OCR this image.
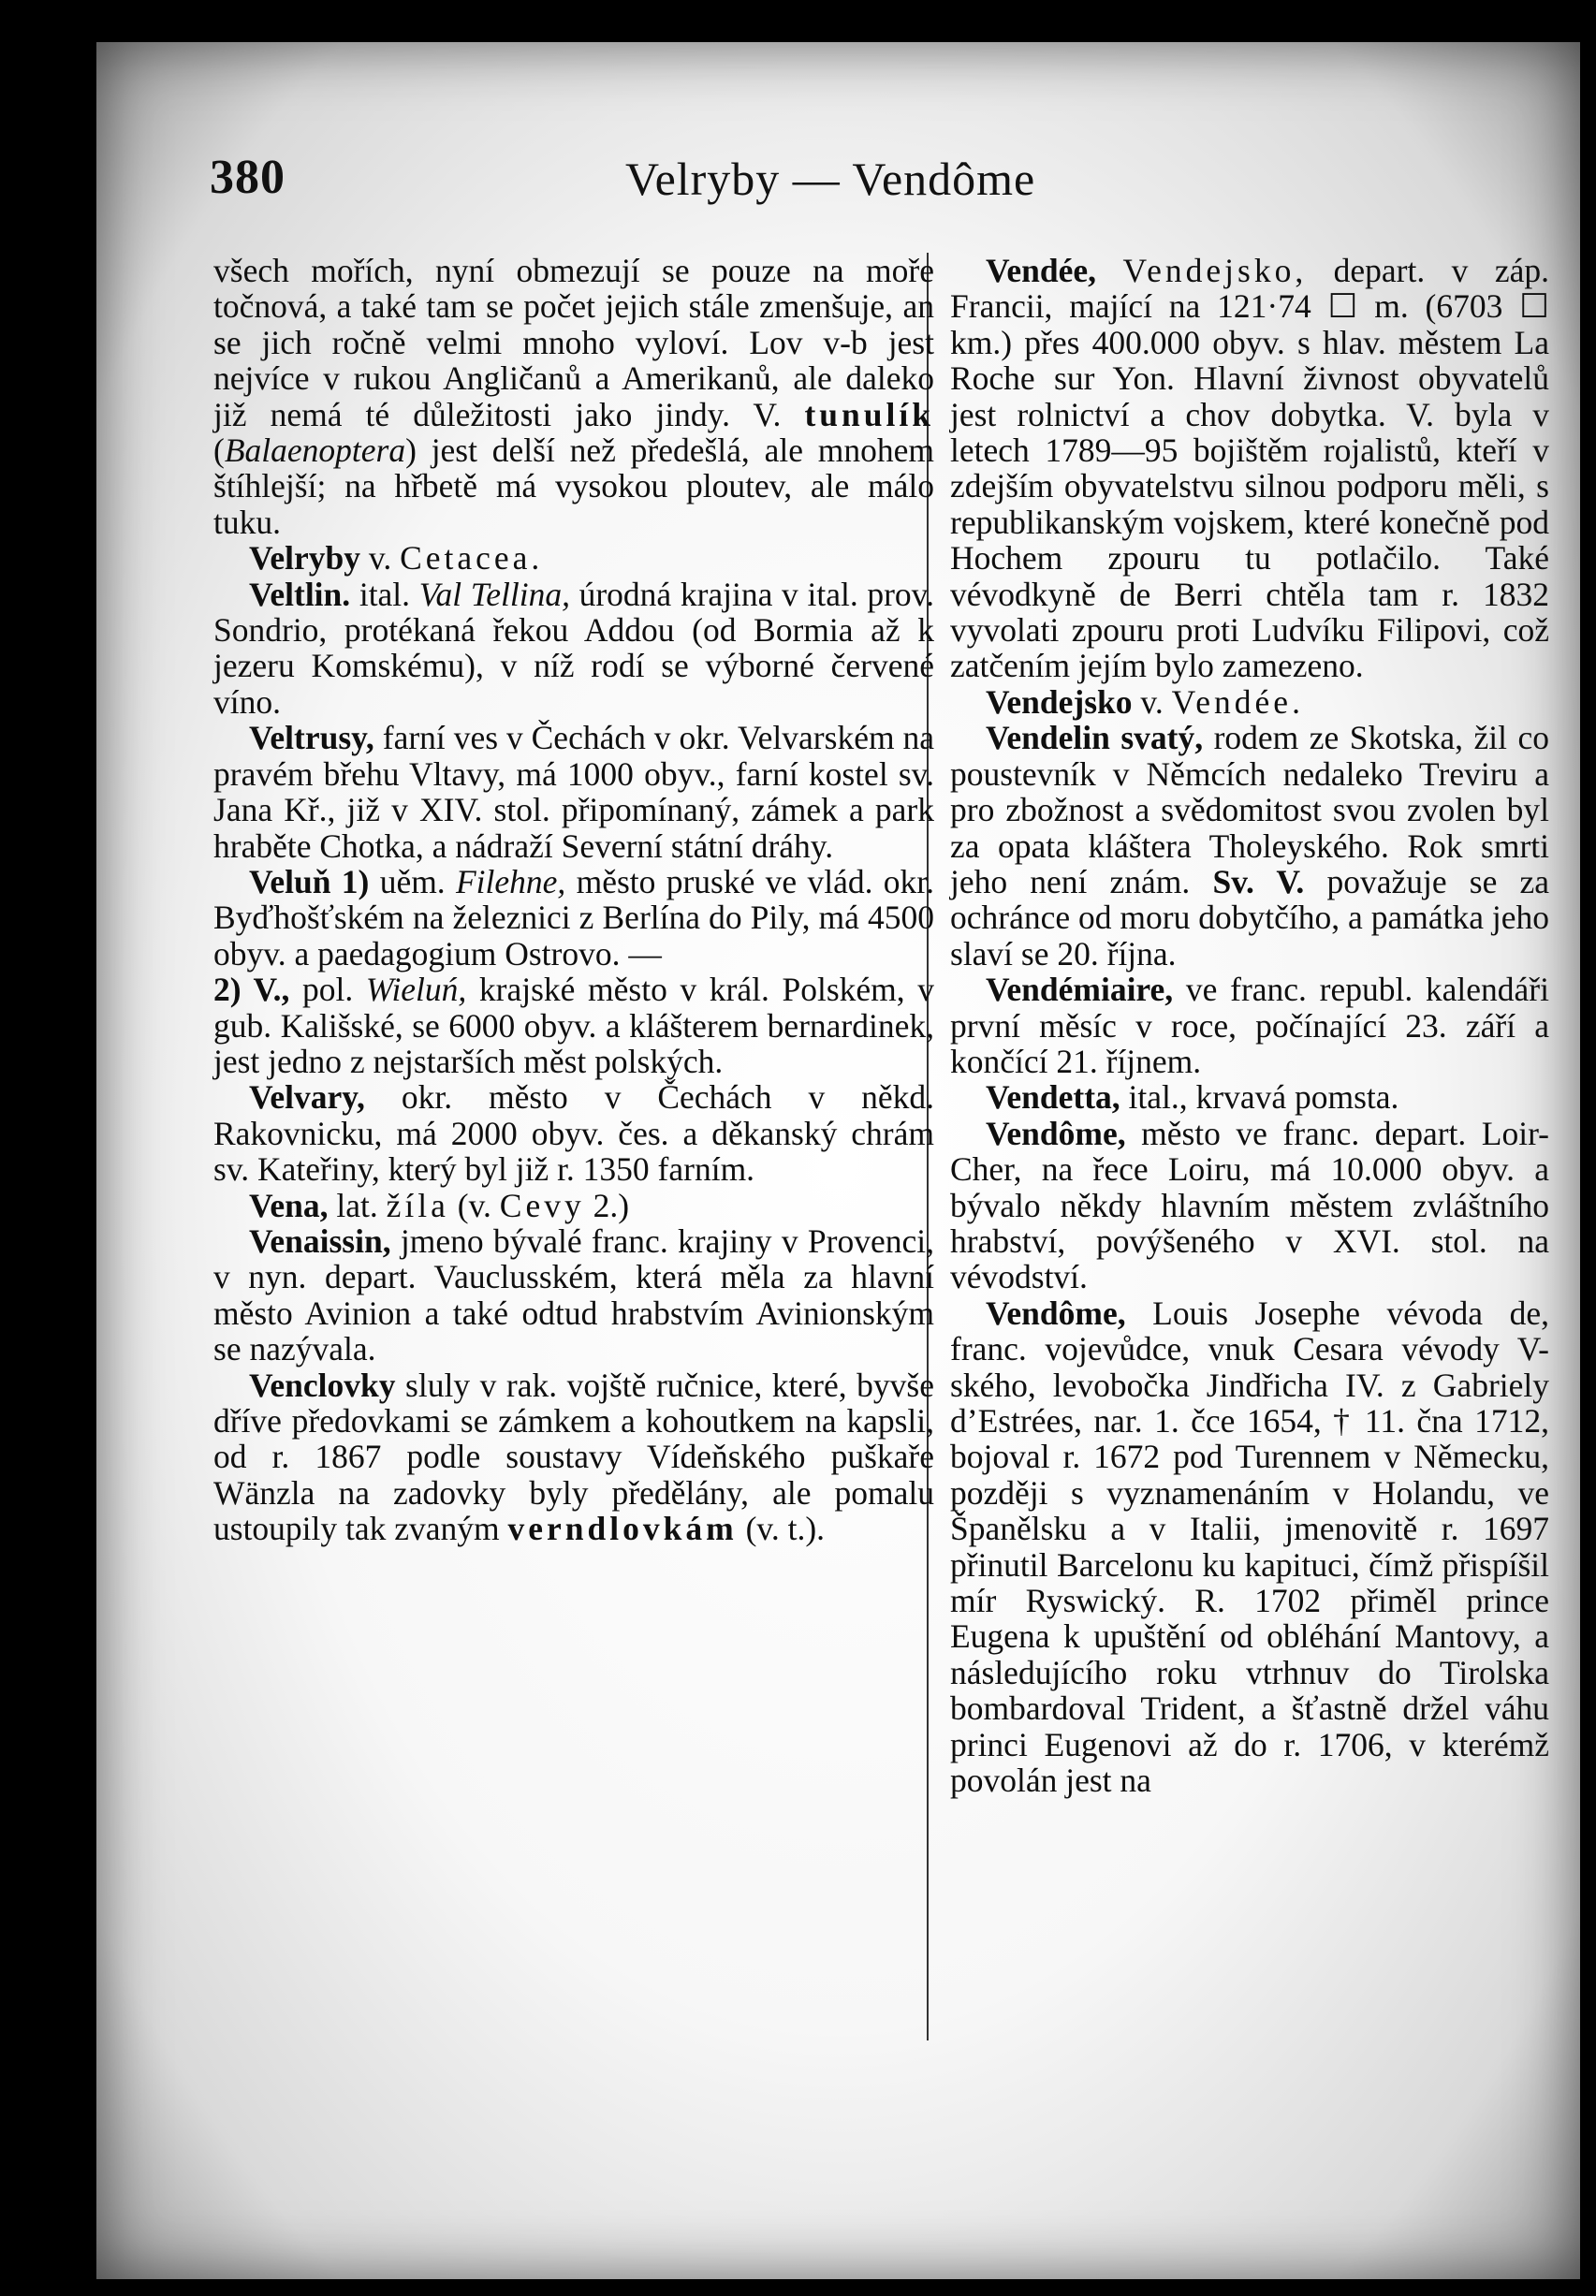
380	Velryby — Vendôme

všech mořích, nyní obmezují se pouze na moře točnová, a také tam se počet jejich stále zmenšuje, an se jich ročně velmi mnoho vyloví. Lov v-b jest nejvíce v rukou Angličanů a Amerikanů, ale daleko již nemá té důležitosti jako jindy. V. tunulík (Balaenoptera) jest delší než předešlá, ale mnohem štíhlejší; na hřbetě má vysokou ploutev, ale málo tuku.

Velryby v. Cetacea.

Veltlin. ital. Val Tellina, úrodná krajina v ital. prov. Sondrio, protékaná řekou Addou (od Bormia až k jezeru Komskému), v níž rodí se výborné červené víno.

Veltrusy, farní ves v Čechách v okr. Velvarském na pravém břehu Vltavy, má 1000 obyv., farní kostel sv. Jana Kř., již v XIV. stol. připomínaný, zámek a park hraběte Chotka, a nádraží Severní státní dráhy.

Veluň 1) uěm. Filehne, město pruské ve vlád. okr. Byďhošťském na železnici z Berlína do Pily, má 4500 obyv. a paedagogium Ostrovo. —

2) V., pol. Wieluń, krajské město v král. Polském, v gub. Kališské, se 6000 obyv. a klášterem bernardinek, jest jedno z nejstarších měst polských.

Velvary, okr. město v Čechách v někd. Rakovnicku, má 2000 obyv. čes. a děkanský chrám sv. Kateřiny, který byl již r. 1350 farním.

Vena, lat. žíla (v. Cevy 2.)

Venaissin, jmeno bývalé franc. krajiny v Provenci, v nyn. depart. Vauclusském, která měla za hlavní město Avinion a také odtud hrabstvím Avinionským se nazývala.

Venclovky sluly v rak. vojště ručnice, které, byvše dříve předovkami se zámkem a kohoutkem na kapsli, od r. 1867 podle soustavy Vídeňského puškaře Wänzla na zadovky byly předělány, ale pomalu ustoupily tak zvaným verndlovkám (v. t.).

Vendée, Vendejsko, depart. v záp. Francii, mající na 121·74 ☐ m. (6703 ☐ km.) přes 400.000 obyv. s hlav. městem La Roche sur Yon. Hlavní živnost obyvatelů jest rolnictví a chov dobytka. V. byla v letech 1789—95 bojištěm rojalistů, kteří v zdejším obyvatelstvu silnou podporu měli, s republikanským vojskem, které konečně pod Hochem zpouru tu potlačilo. Také vévodkyně de Berri chtěla tam r. 1832 vyvolati zpouru proti Ludvíku Filipovi, což zatčením jejím bylo zamezeno.

Vendejsko v. Vendée.

Vendelin svatý, rodem ze Skotska, žil co poustevník v Němcích nedaleko Treviru a pro zbožnost a svědomitost svou zvolen byl za opata kláštera Tholeyského. Rok smrti jeho není znám. Sv. V. považuje se za ochránce od moru dobytčího, a památka jeho slaví se 20. října.

Vendémiaire, ve franc. republ. kalendáři první měsíc v roce, počínající 23. září a končící 21. říjnem.

Vendetta, ital., krvavá pomsta.

Vendôme, město ve franc. depart. Loir-Cher, na řece Loiru, má 10.000 obyv. a bývalo někdy hlavním městem zvláštního hrabství, povýšeného v XVI. stol. na vévodství.

Vendôme, Louis Josephe vévoda de, franc. vojevůdce, vnuk Cesara vévody V-ského, levobočka Jindřicha IV. z Gabriely d’Estrées, nar. 1. čce 1654, † 11. čna 1712, bojoval r. 1672 pod Turennem v Německu, později s vyznamenáním v Holandu, ve Španělsku a v Italii, jmenovitě r. 1697 přinutil Barcelonu ku kapituci, čímž přispíšil mír Ryswický. R. 1702 přiměl prince Eugena k upuštění od obléhání Mantovy, a následujícího roku vtrhnuv do Tirolska bombardoval Trident, a šťastně držel váhu princi Eugenovi až do r. 1706, v kterémž povolán jest na
